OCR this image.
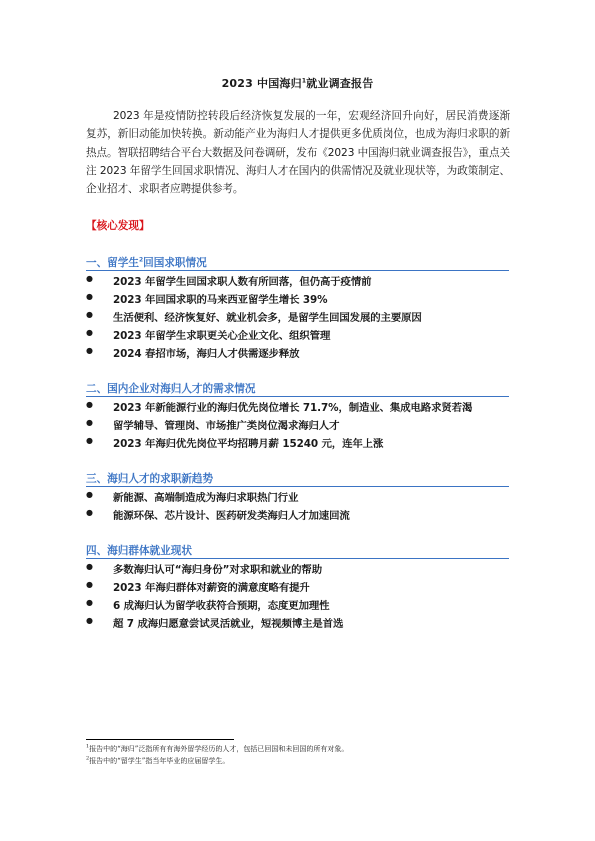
2023 中国海归$^1$就业调查报告
2023 年是疫情防控转段后经济恢复发展的一年，宏观经济回升向好，居民消费逐渐复苏，新旧动能加快转换。新动能产业为海归人才提供更多优质岗位，也成为海归求职的新热点。智联招聘结合平台大数据及问卷调研，发布《2023 中国海归就业调查报告》，重点关注 2023 年留学生回国求职情况、海归人才在国内的供需情况及就业现状等，为政策制定、企业招才、求职者应聘提供参考。
【核心发现】
一、留学生$^2$回国求职情况
● 2023 年留学生回国求职人数有所回落，但仍高于疫情前
● 2023 年回国求职的马来西亚留学生增长 39%
● 生活便利、经济恢复好、就业机会多，是留学生回国发展的主要原因
● 2023 年留学生求职更关心企业文化、组织管理
● 2024 春招市场，海归人才供需逐步释放
二、国内企业对海归人才的需求情况
● 2023 年新能源行业的海归优先岗位增长 71.7%，制造业、集成电路求贤若渴
● 留学辅导、管理岗、市场推广类岗位渴求海归人才
● 2023 年海归优先岗位平均招聘月薪 15240 元，连年上涨
三、海归人才的求职新趋势
● 新能源、高端制造成为海归求职热门行业
● 能源环保、芯片设计、医药研发类海归人才加速回流
四、海归群体就业现状
● 多数海归认可“海归身份”对求职和就业的帮助
● 2023 年海归群体对薪资的满意度略有提升
● 6 成海归认为留学收获符合预期，态度更加理性
● 超 7 成海归愿意尝试灵活就业，短视频博主是首选
$^1$报告中的“海归”泛指所有有海外留学经历的人才，包括已回国和未回国的所有对象。
$^2$报告中的“留学生”指当年毕业的应届留学生。
